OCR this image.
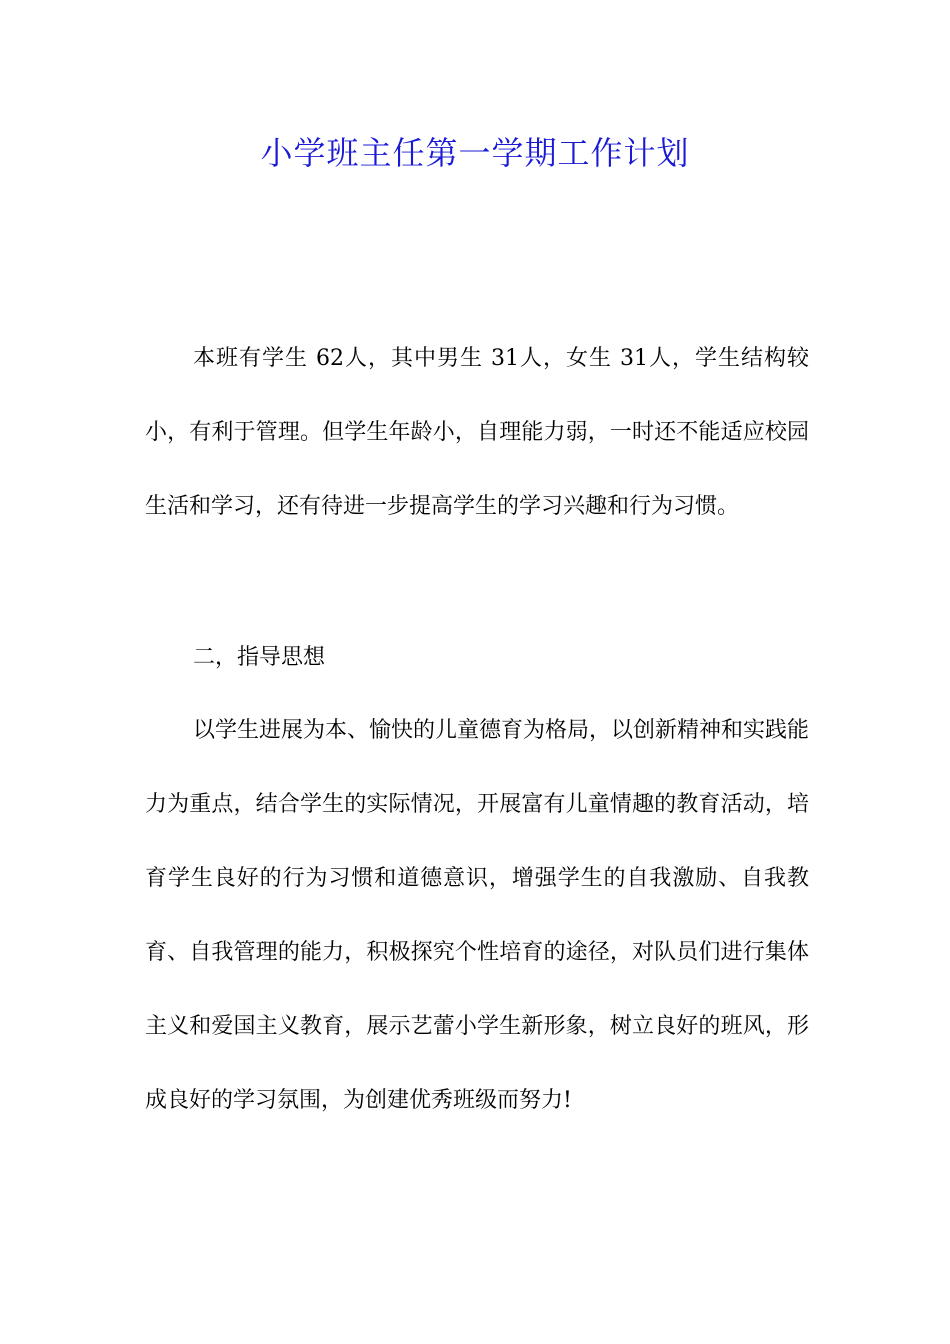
小学班主任第一学期工作计划

本班有学生 62人，其中男生 31人，女生 31人，学生结构较小，有利于管理。但学生年龄小，自理能力弱，一时还不能适应校园生活和学习，还有待进一步提高学生的学习兴趣和行为习惯。

二，指导思想

以学生进展为本、愉快的儿童德育为格局，以创新精神和实践能力为重点，结合学生的实际情况，开展富有儿童情趣的教育活动，培育学生良好的行为习惯和道德意识，增强学生的自我激励、自我教育、自我管理的能力，积极探究个性培育的途径，对队员们进行集体主义和爱国主义教育，展示艺蕾小学生新形象，树立良好的班风，形成良好的学习氛围，为创建优秀班级而努力!
